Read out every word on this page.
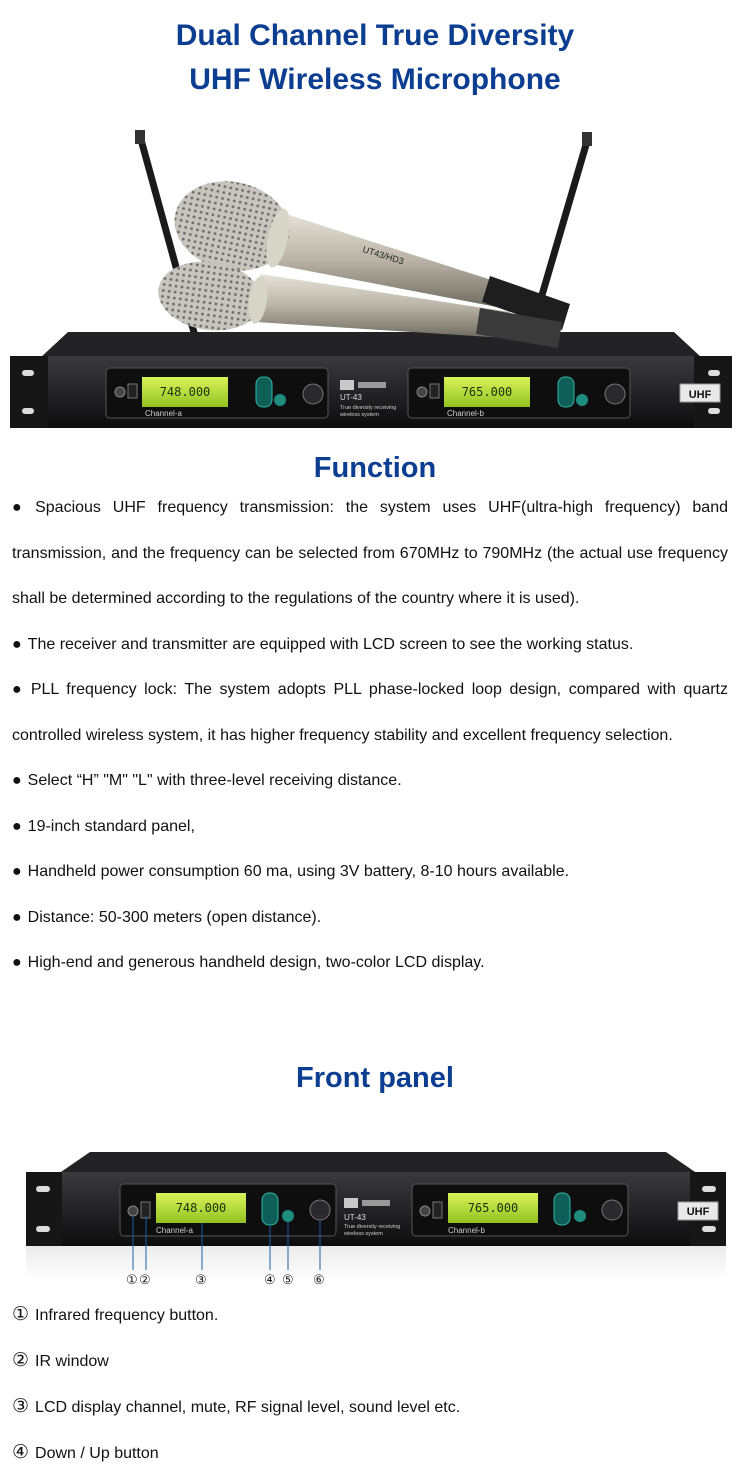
Dual Channel True Diversity
UHF Wireless Microphone
UHF
748.000	765.000
Channel-a	Channel-b
UT-43
True diversity receiving
wireless system
UT43/HD3
Function

● Spacious UHF frequency transmission: the system uses UHF(ultra-high frequency) band transmission, and the frequency can be selected from 670MHz to 790MHz (the actual use frequency shall be determined according to the regulations of the country where it is used).

● The receiver and transmitter are equipped with LCD screen to see the working status.

● PLL frequency lock: The system adopts PLL phase-locked loop design, compared with quartz controlled wireless system, it has higher frequency stability and excellent frequency selection.

● Select “H” "M" "L" with three-level receiving distance.

● 19-inch standard panel,

● Handheld power consumption 60 ma, using 3V battery, 8-10 hours available.

● Distance: 50-300 meters (open distance).

● High-end and generous handheld design, two-color LCD display.

Front panel
748.000	765.000
Channel-a	Channel-b
UT-43
True diversity receiving
wireless system
UHF
① ②	③	④ ⑤ ⑥
① Infrared frequency button.
② IR window
③ LCD display channel, mute, RF signal level, sound level etc.
④ Down / Up button
